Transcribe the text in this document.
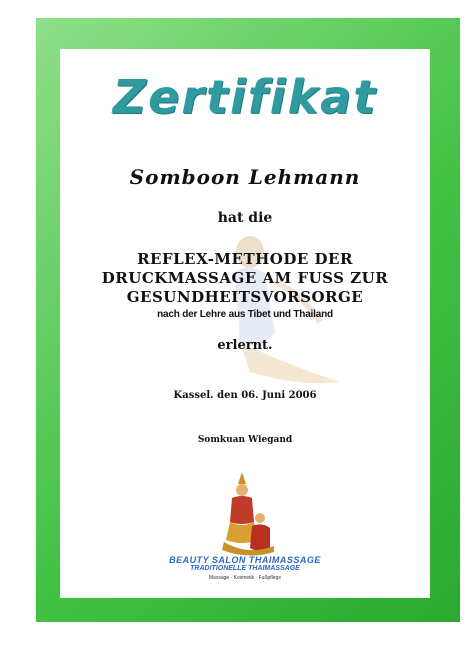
Zertifikat
Somboon Lehmann
hat die
REFLEX-METHODE DER
DRUCKMASSAGE AM FUSS ZUR
GESUNDHEITSVORSORGE
nach der Lehre aus Tibet und Thailand
erlernt.
Kassel. den 06. Juni 2006
Somkuan Wiegand
BEAUTY SALON THAIMASSAGE
TRADITIONELLE THAIMASSAGE
Massage · Kosmetik · Fußpflege
